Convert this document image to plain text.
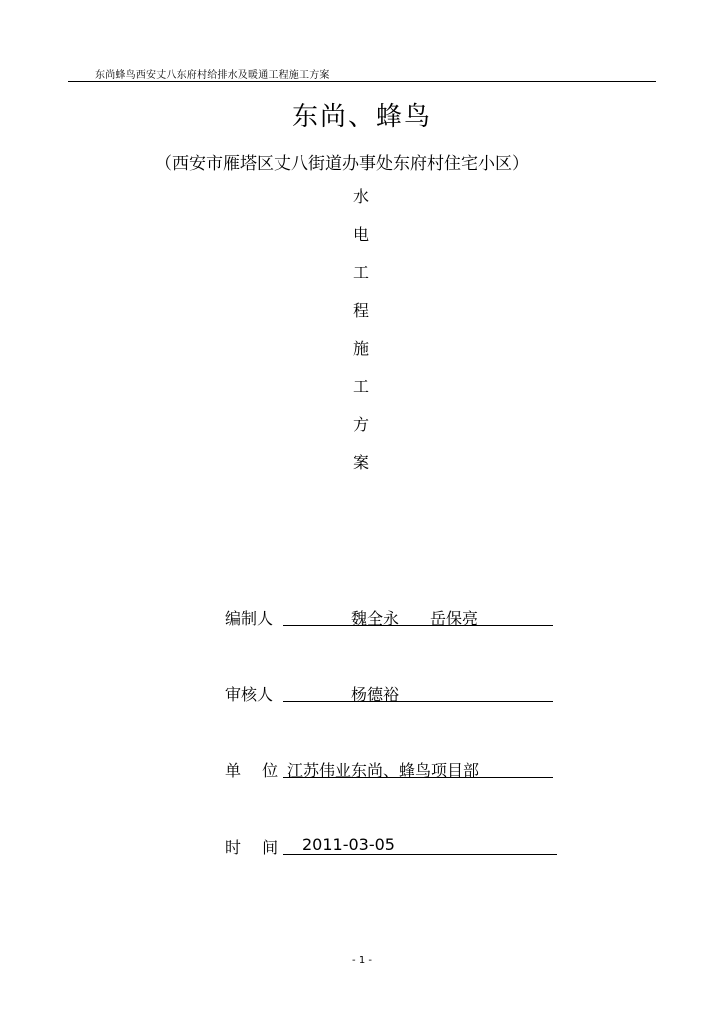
东尚蜂鸟西安丈八东府村给排水及暖通工程施工方案
东尚、蜂鸟
（西安市雁塔区丈八街道办事处东府村住宅小区）
水
电
工
程
施
工
方
案
编制人	魏全永 岳保亮
审核人	杨德裕
单　 位 江苏伟业东尚、蜂鸟项目部
时　 间 2011-03-05
- 1 -
